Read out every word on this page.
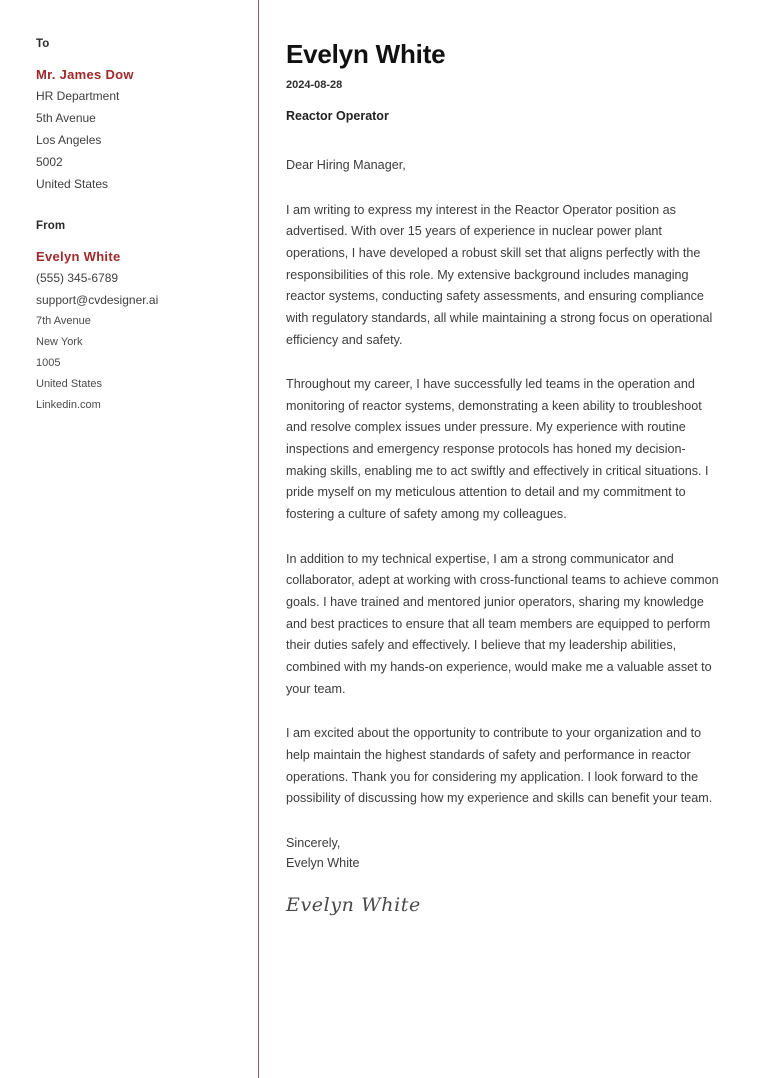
To
Mr. James Dow
HR Department
5th Avenue
Los Angeles
5002
United States
From
Evelyn White
(555) 345-6789
support@cvdesigner.ai
7th Avenue
New York
1005
United States
Linkedin.com
Evelyn White
2024-08-28
Reactor Operator

Dear Hiring Manager,

I am writing to express my interest in the Reactor Operator position as advertised. With over 15 years of experience in nuclear power plant operations, I have developed a robust skill set that aligns perfectly with the responsibilities of this role. My extensive background includes managing reactor systems, conducting safety assessments, and ensuring compliance with regulatory standards, all while maintaining a strong focus on operational efficiency and safety.

Throughout my career, I have successfully led teams in the operation and monitoring of reactor systems, demonstrating a keen ability to troubleshoot and resolve complex issues under pressure. My experience with routine inspections and emergency response protocols has honed my decision-making skills, enabling me to act swiftly and effectively in critical situations. I pride myself on my meticulous attention to detail and my commitment to fostering a culture of safety among my colleagues.

In addition to my technical expertise, I am a strong communicator and collaborator, adept at working with cross-functional teams to achieve common goals. I have trained and mentored junior operators, sharing my knowledge and best practices to ensure that all team members are equipped to perform their duties safely and effectively. I believe that my leadership abilities, combined with my hands-on experience, would make me a valuable asset to your team.

I am excited about the opportunity to contribute to your organization and to help maintain the highest standards of safety and performance in reactor operations. Thank you for considering my application. I look forward to the possibility of discussing how my experience and skills can benefit your team.

Sincerely,
Evelyn White
Evelyn White
